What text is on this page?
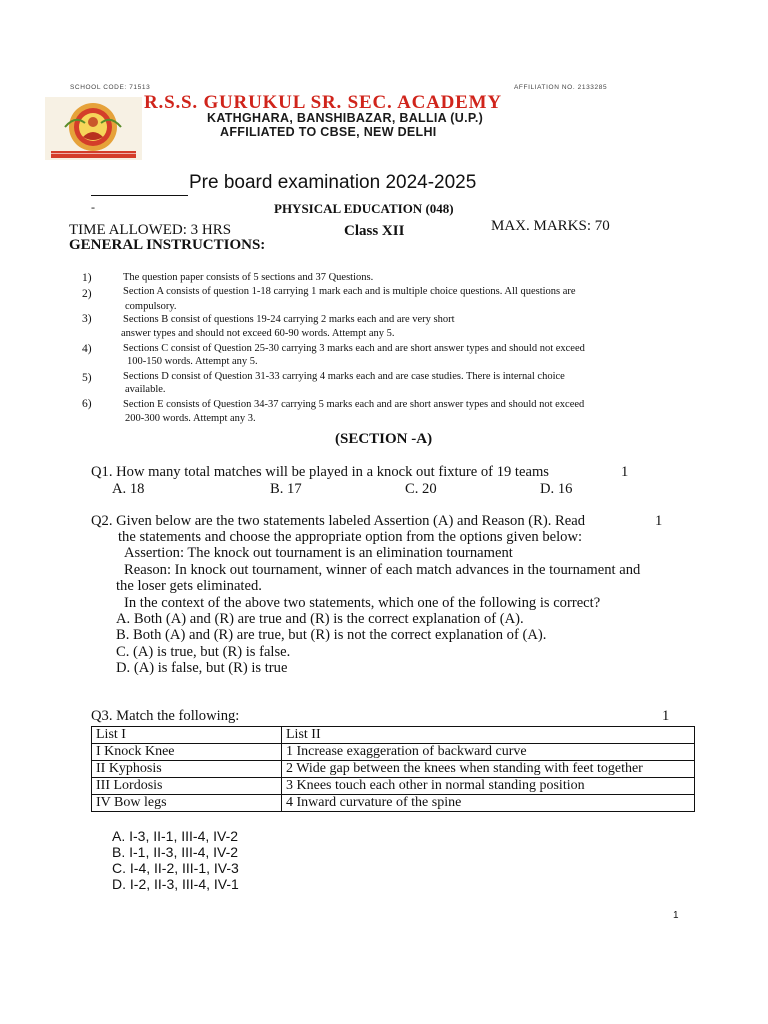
SCHOOL CODE: 71513	AFFILIATION NO. 2133285
R.S.S. GURUKUL SR. SEC. ACADEMY
KATHGHARA, BANSHIBAZAR, BALLIA (U.P.)
AFFILIATED TO CBSE, NEW DELHI
Pre board examination 2024-2025
-	PHYSICAL EDUCATION (048)
TIME ALLOWED: 3 HRS	Class XII	MAX. MARKS: 70
GENERAL INSTRUCTIONS:
1)	The question paper consists of 5 sections and 37 Questions.
2)	Section A consists of question 1-18 carrying 1 mark each and is multiple choice questions. All questions are
compulsory.
3)	Sections B consist of questions 19-24 carrying 2 marks each and are very short
answer types and should not exceed 60-90 words. Attempt any 5.
4)	Sections C consist of Question 25-30 carrying 3 marks each and are short answer types and should not exceed
100-150 words. Attempt any 5.
5)	Sections D consist of Question 31-33 carrying 4 marks each and are case studies. There is internal choice
available.
6)	Section E consists of Question 34-37 carrying 5 marks each and are short answer types and should not exceed
200-300 words. Attempt any 3.
(SECTION -A)
Q1. How many total matches will be played in a knock out fixture of 19 teams	1
A. 18	B. 17	C. 20	D. 16
Q2. Given below are the two statements labeled Assertion (A) and Reason (R). Read	1
the statements and choose the appropriate option from the options given below:
Assertion: The knock out tournament is an elimination tournament
Reason: In knock out tournament, winner of each match advances in the tournament and
the loser gets eliminated.
In the context of the above two statements, which one of the following is correct?
A. Both (A) and (R) are true and (R) is the correct explanation of (A).
B. Both (A) and (R) are true, but (R) is not the correct explanation of (A).
C. (A) is true, but (R) is false.
D. (A) is false, but (R) is true
Q3. Match the following:	1
List I	List II
I Knock Knee	1 Increase exaggeration of backward curve
II Kyphosis	2 Wide gap between the knees when standing with feet together
III Lordosis	3 Knees touch each other in normal standing position
IV Bow legs	4 Inward curvature of the spine
A. I-3, II-1, III-4, IV-2
B. I-1, II-3, III-4, IV-2
C. I-4, II-2, III-1, IV-3
D. I-2, II-3, III-4, IV-1
1
